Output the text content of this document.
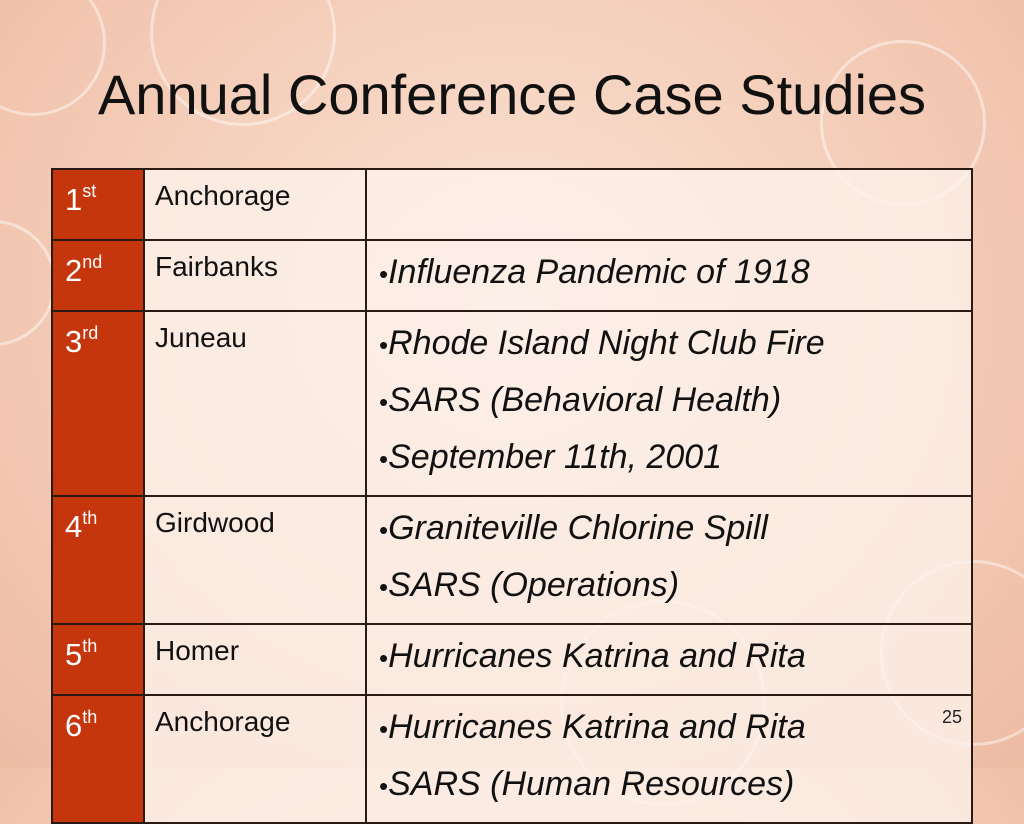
Annual Conference Case Studies
1st	Anchorage	

2nd	Fairbanks	•Influenza Pandemic of 1918

3rd	Juneau	•Rhode Island Night Club Fire
•SARS (Behavioral Health)
•September 11th, 2001

4th	Girdwood	•Graniteville Chlorine Spill
•SARS (Operations)

5th	Homer	•Hurricanes Katrina and Rita

6th	Anchorage	•Hurricanes Katrina and Rita
•SARS (Human Resources)
25
